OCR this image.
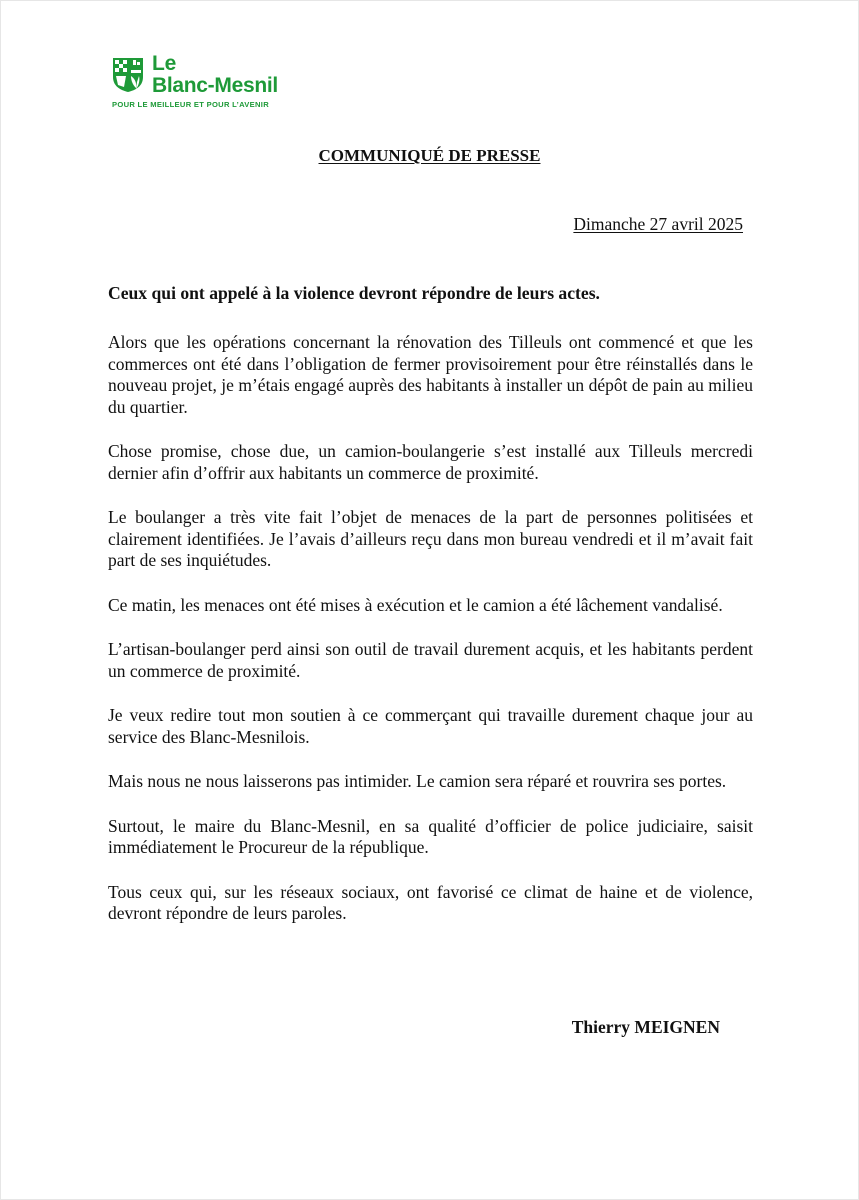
Le
Blanc-Mesnil
POUR LE MEILLEUR ET POUR L’AVENIR
COMMUNIQUÉ DE PRESSE
Dimanche 27 avril 2025
Ceux qui ont appelé à la violence devront répondre de leurs actes.

Alors que les opérations concernant la rénovation des Tilleuls ont commencé et que les commerces ont été dans l’obligation de fermer provisoirement pour être réinstallés dans le nouveau projet, je m’étais engagé auprès des habitants à installer un dépôt de pain au milieu du quartier.

Chose promise, chose due, un camion-boulangerie s’est installé aux Tilleuls mercredi dernier afin d’offrir aux habitants un commerce de proximité.

Le boulanger a très vite fait l’objet de menaces de la part de personnes politisées et clairement identifiées. Je l’avais d’ailleurs reçu dans mon bureau vendredi et il m’avait fait part de ses inquiétudes.

Ce matin, les menaces ont été mises à exécution et le camion a été lâchement vandalisé.

L’artisan-boulanger perd ainsi son outil de travail durement acquis, et les habitants perdent un commerce de proximité.

Je veux redire tout mon soutien à ce commerçant qui travaille durement chaque jour au service des Blanc-Mesnilois.

Mais nous ne nous laisserons pas intimider. Le camion sera réparé et rouvrira ses portes.

Surtout, le maire du Blanc-Mesnil, en sa qualité d’officier de police judiciaire, saisit immédiatement le Procureur de la république.

Tous ceux qui, sur les réseaux sociaux, ont favorisé ce climat de haine et de violence, devront répondre de leurs paroles.

Thierry MEIGNEN
